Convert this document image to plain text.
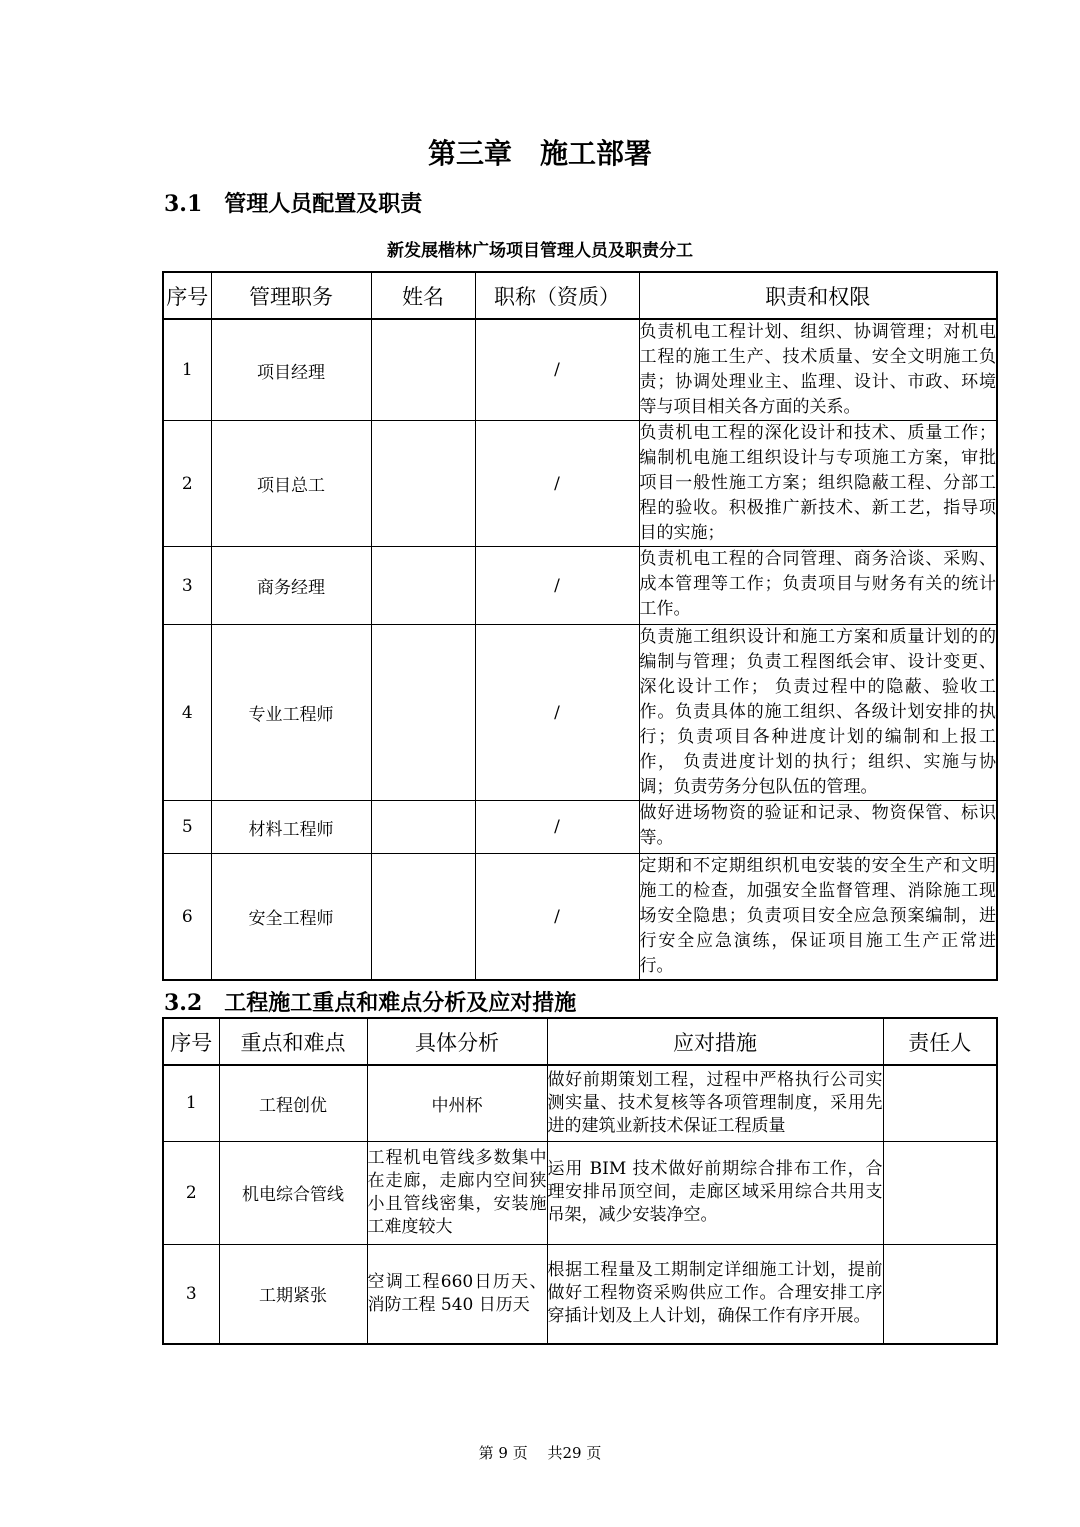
第三章　施工部署
3.1　管理人员配置及职责
新发展楷林广场项目管理人员及职责分工
序号	管理职务	姓名	职称（资质）	职责和权限
1	项目经理		/	负责机电工程计划、组织、协调管理；对机电工程的施工生产、技术质量、安全文明施工负责；协调处理业主、监理、设计、市政、环境等与项目相关各方面的关系。
2	项目总工		/	负责机电工程的深化设计和技术、质量工作；编制机电施工组织设计与专项施工方案，审批项目一般性施工方案；组织隐蔽工程、分部工程的验收。积极推广新技术、新工艺，指导项目的实施；
3	商务经理		/	负责机电工程的合同管理、商务洽谈、采购、成本管理等工作；负责项目与财务有关的统计工作。
4	专业工程师		/	负责施工组织设计和施工方案和质量计划的的编制与管理；负责工程图纸会审、设计变更、深化设计工作； 负责过程中的隐蔽、验收工作。负责具体的施工组织、各级计划安排的执行；负责项目各种进度计划的编制和上报工作， 负责进度计划的执行；组织、实施与协调；负责劳务分包队伍的管理。
5	材料工程师		/	做好进场物资的验证和记录、物资保管、标识等。
6	安全工程师		/	定期和不定期组织机电安装的安全生产和文明施工的检查，加强安全监督管理、消除施工现场安全隐患；负责项目安全应急预案编制，进行安全应急演练，保证项目施工生产正常进行。
3.2　工程施工重点和难点分析及应对措施
序号	重点和难点	具体分析	应对措施	责任人
1	工程创优	中州杯	做好前期策划工程，过程中严格执行公司实测实量、技术复核等各项管理制度，采用先进的建筑业新技术保证工程质量	
2	机电综合管线	工程机电管线多数集中在走廊，走廊内空间狭小且管线密集，安装施工难度较大	运用 BIM 技术做好前期综合排布工作，合理安排吊顶空间，走廊区域采用综合共用支吊架，减少安装净空。	
3	工期紧张	空调工程660日历天、消防工程 540 日历天	根据工程量及工期制定详细施工计划，提前做好工程物资采购供应工作。合理安排工序穿插计划及上人计划，确保工作有序开展。	
第 9 页　 共29 页
